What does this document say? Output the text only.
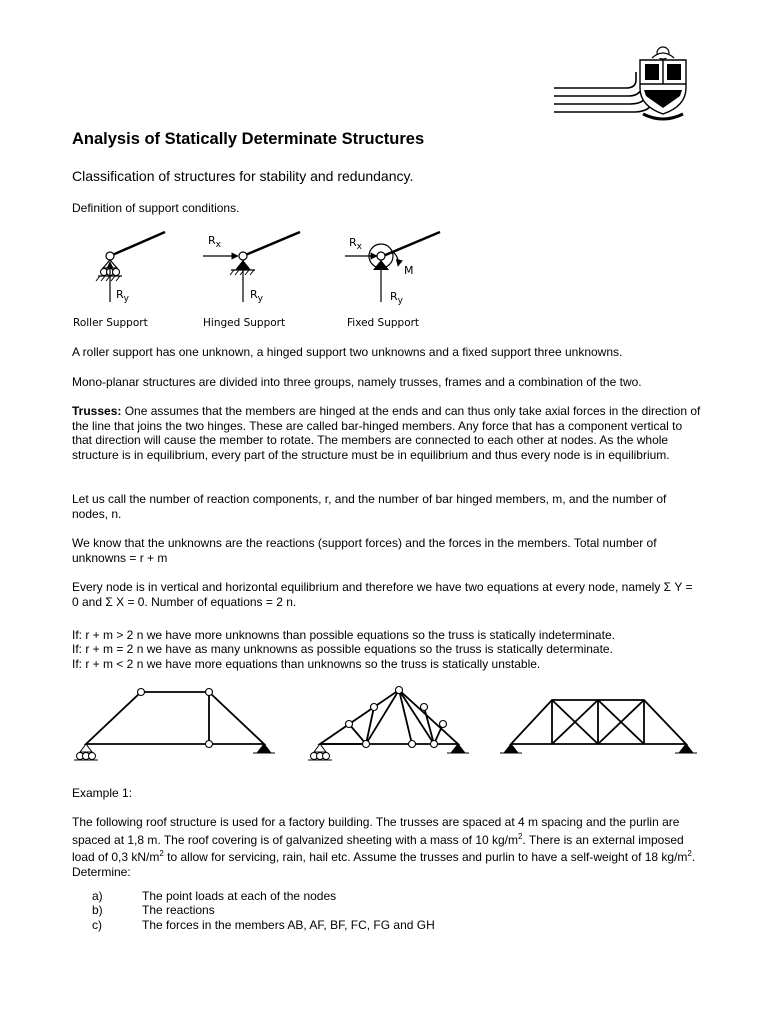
Analysis of Statically Determinate Structures
Classification of structures for stability and redundancy.
Definition of support conditions.
$R_y$
$R_x$
$R_y$
$R_x$
M
$R_y$
Roller Support	Hinged Support	Fixed Support
A roller support has one unknown, a hinged support two unknowns and a fixed support three unknowns.
Mono-planar structures are divided into three groups, namely trusses, frames and a combination of the two.
Trusses: One assumes that the members are hinged at the ends and can thus only take axial forces in the direction of the line that joins the two hinges. These are called bar-hinged members. Any force that has a component vertical to that direction will cause the member to rotate. The members are connected to each other at nodes. As the whole structure is in equilibrium, every part of the structure must be in equilibrium and thus every node is in equilibrium.
Let us call the number of reaction components, r, and the number of bar hinged members, m, and the number of nodes, n.
We know that the unknowns are the reactions (support forces) and the forces in the members. Total number of unknowns = r + m
Every node is in vertical and horizontal equilibrium and therefore we have two equations at every node, namely Σ Y = 0 and Σ X = 0. Number of equations = 2 n.
If: r + m > 2 n we have more unknowns than possible equations so the truss is statically indeterminate.
If: r + m = 2 n we have as many unknowns as possible equations so the truss is statically determinate.
If: r + m < 2 n we have more equations than unknowns so the truss is statically unstable.
Example 1:
The following roof structure is used for a factory building. The trusses are spaced at 4 m spacing and the purlin are spaced at 1,8 m. The roof covering is of galvanized sheeting with a mass of 10 $kg/m^2$. There is an external imposed load of 0,3 $kN/m^2$ to allow for servicing, rain, hail etc. Assume the trusses and purlin to have a self-weight of 18 $kg/m^2$. Determine:
a)	The point loads at each of the nodes
b)	The reactions
c)	The forces in the members AB, AF, BF, FC, FG and GH
